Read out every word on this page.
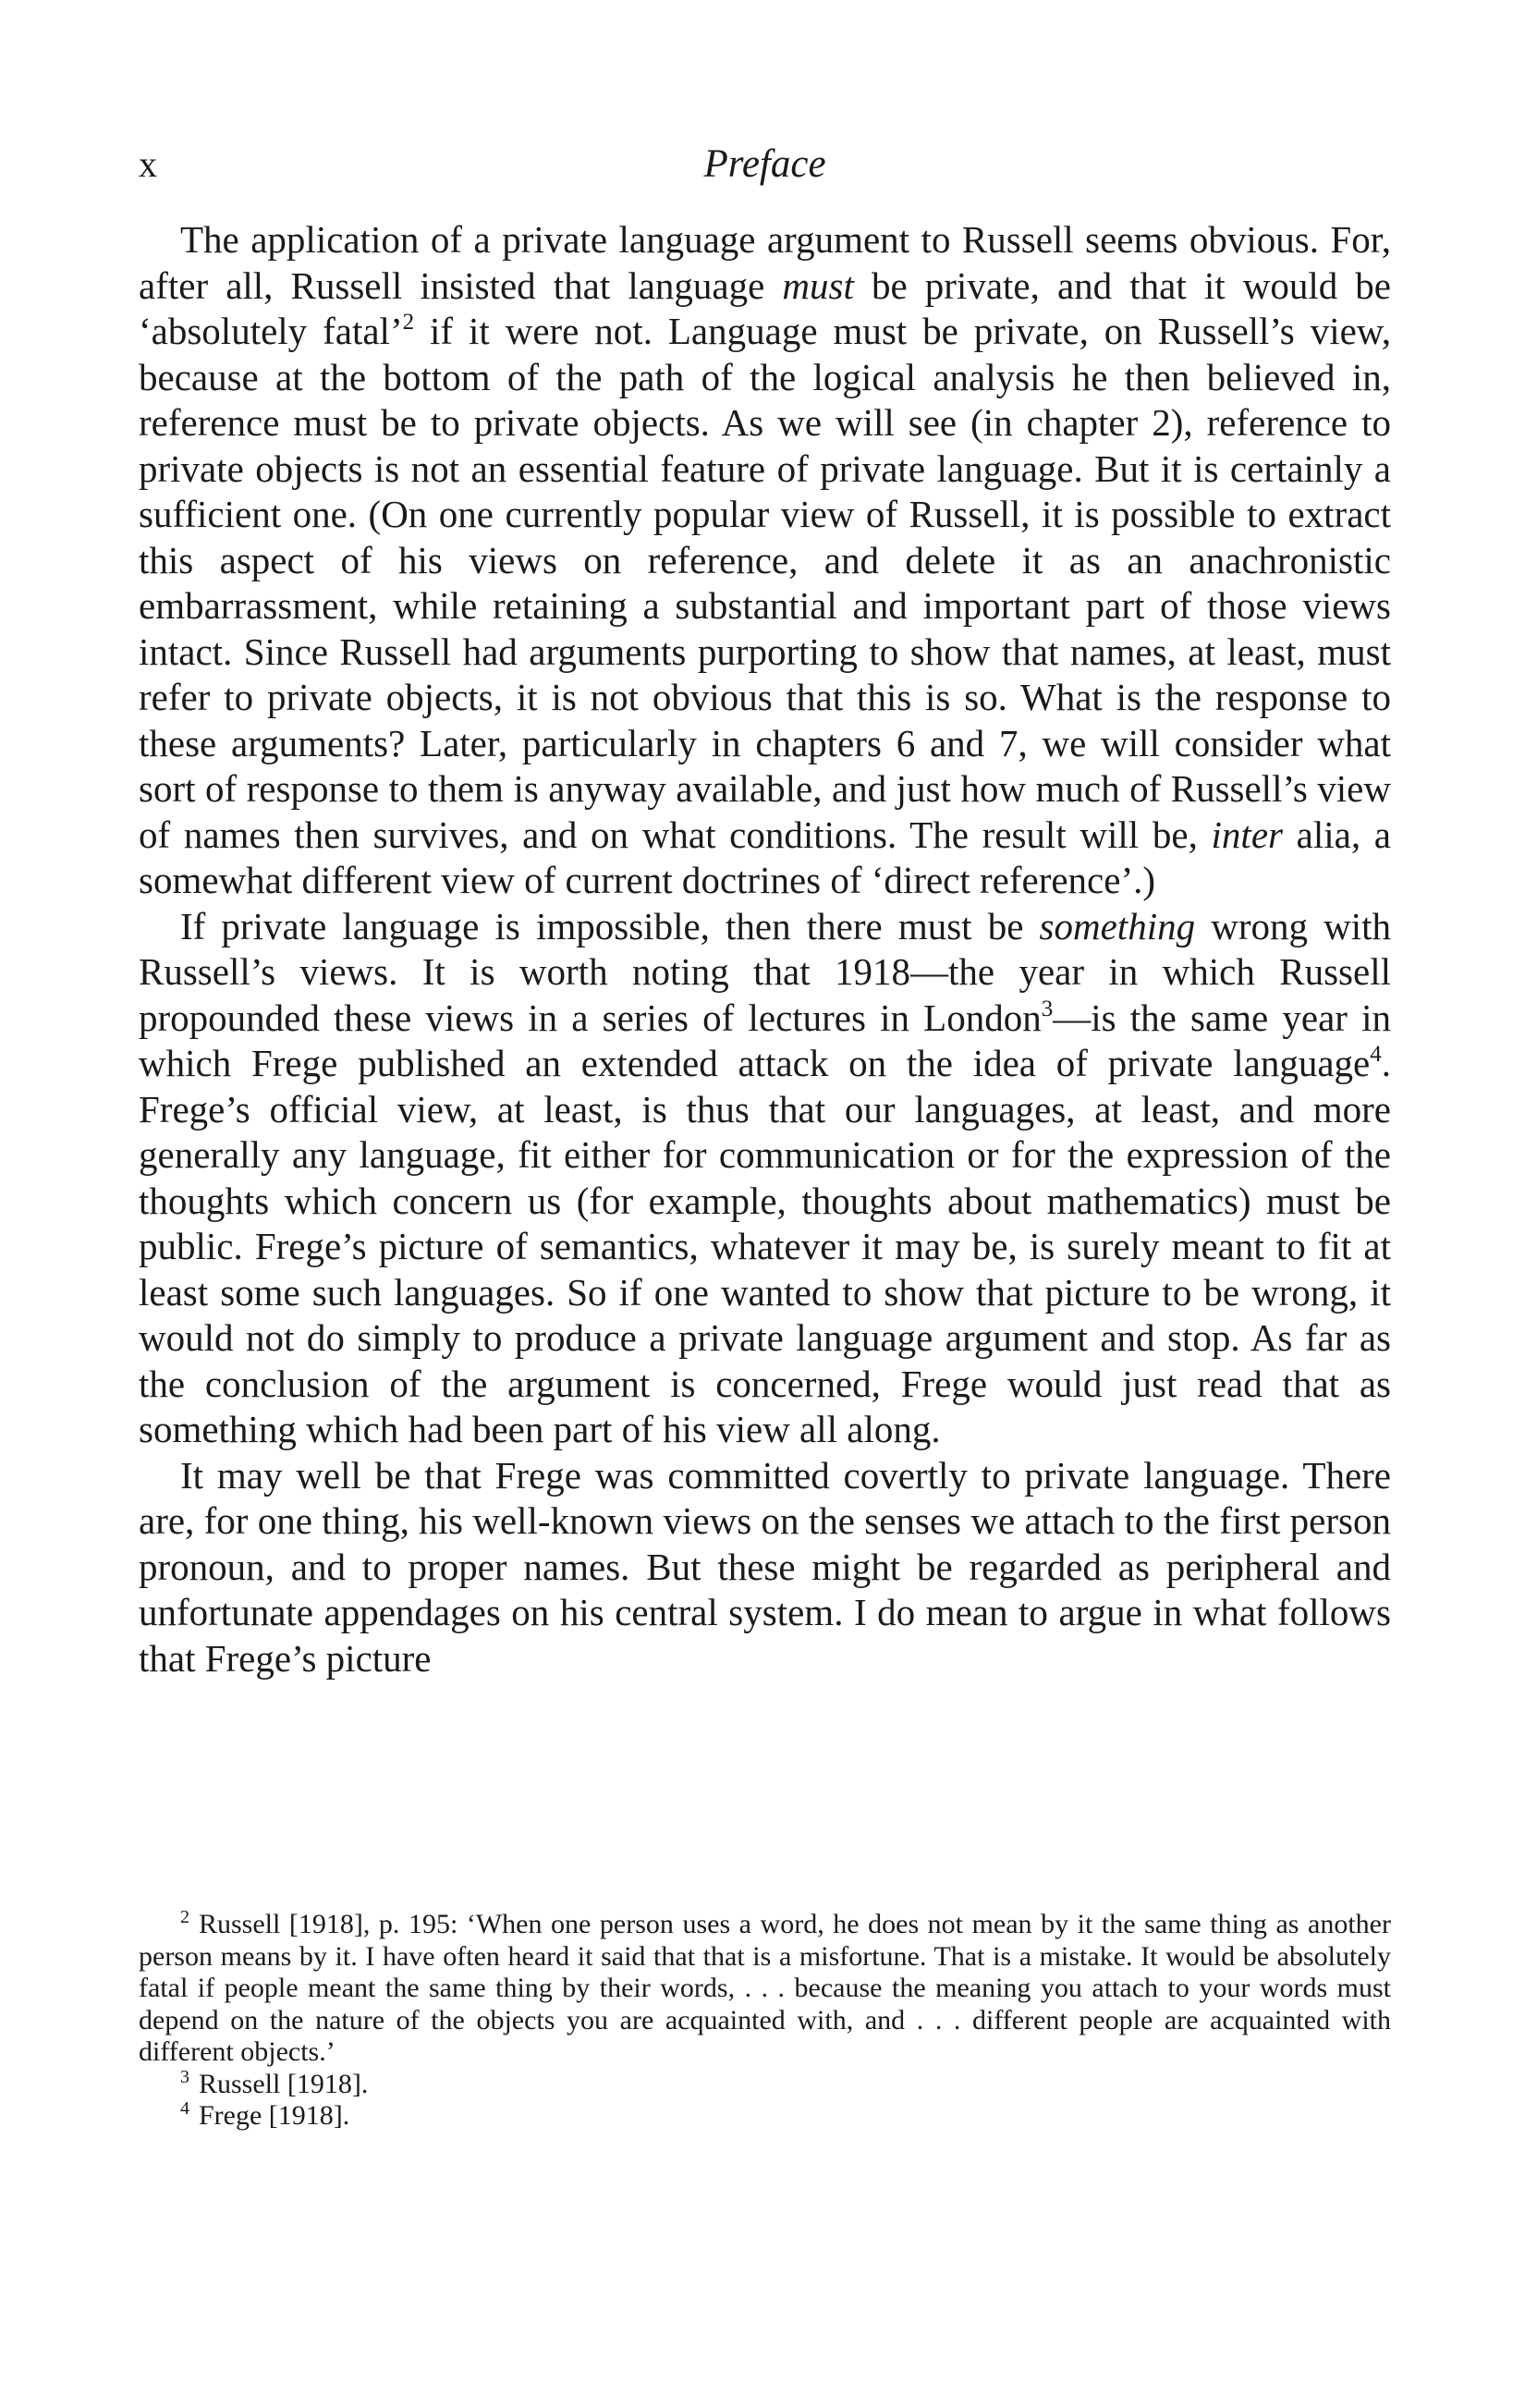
x	Preface

The application of a private language argument to Russell seems obvious. For, after all, Russell insisted that language must be private, and that it would be ‘absolutely fatal’$^2$ if it were not. Language must be private, on Russell’s view, because at the bottom of the path of the logical analysis he then believed in, reference must be to private objects. As we will see (in chapter 2), reference to private objects is not an essential feature of private language. But it is certainly a sufficient one. (On one currently popular view of Russell, it is possible to extract this aspect of his views on reference, and delete it as an anachronistic embarrassment, while retaining a substantial and important part of those views intact. Since Russell had arguments purporting to show that names, at least, must refer to private objects, it is not obvious that this is so. What is the response to these arguments? Later, particularly in chapters 6 and 7, we will consider what sort of response to them is anyway available, and just how much of Russell’s view of names then survives, and on what conditions. The result will be, inter alia, a somewhat different view of current doctrines of ‘direct reference’.)

If private language is impossible, then there must be something wrong with Russell’s views. It is worth noting that 1918—the year in which Russell propounded these views in a series of lectures in London$^3$—is the same year in which Frege published an extended attack on the idea of private language$^4$. Frege’s official view, at least, is thus that our languages, at least, and more generally any language, fit either for communication or for the expression of the thoughts which concern us (for example, thoughts about mathematics) must be public. Frege’s picture of semantics, whatever it may be, is surely meant to fit at least some such languages. So if one wanted to show that picture to be wrong, it would not do simply to produce a private language argument and stop. As far as the conclusion of the argument is concerned, Frege would just read that as something which had been part of his view all along.

It may well be that Frege was committed covertly to private language. There are, for one thing, his well-known views on the senses we attach to the first person pronoun, and to proper names. But these might be regarded as peripheral and unfortunate appendages on his central system. I do mean to argue in what follows that Frege’s picture

$^2$ Russell [1918], p. 195: ‘When one person uses a word, he does not mean by it the same thing as another person means by it. I have often heard it said that that is a misfortune. That is a mistake. It would be absolutely fatal if people meant the same thing by their words, . . . because the meaning you attach to your words must depend on the nature of the objects you are acquainted with, and . . . different people are acquainted with different objects.’

$^3$ Russell [1918].

$^4$ Frege [1918].
